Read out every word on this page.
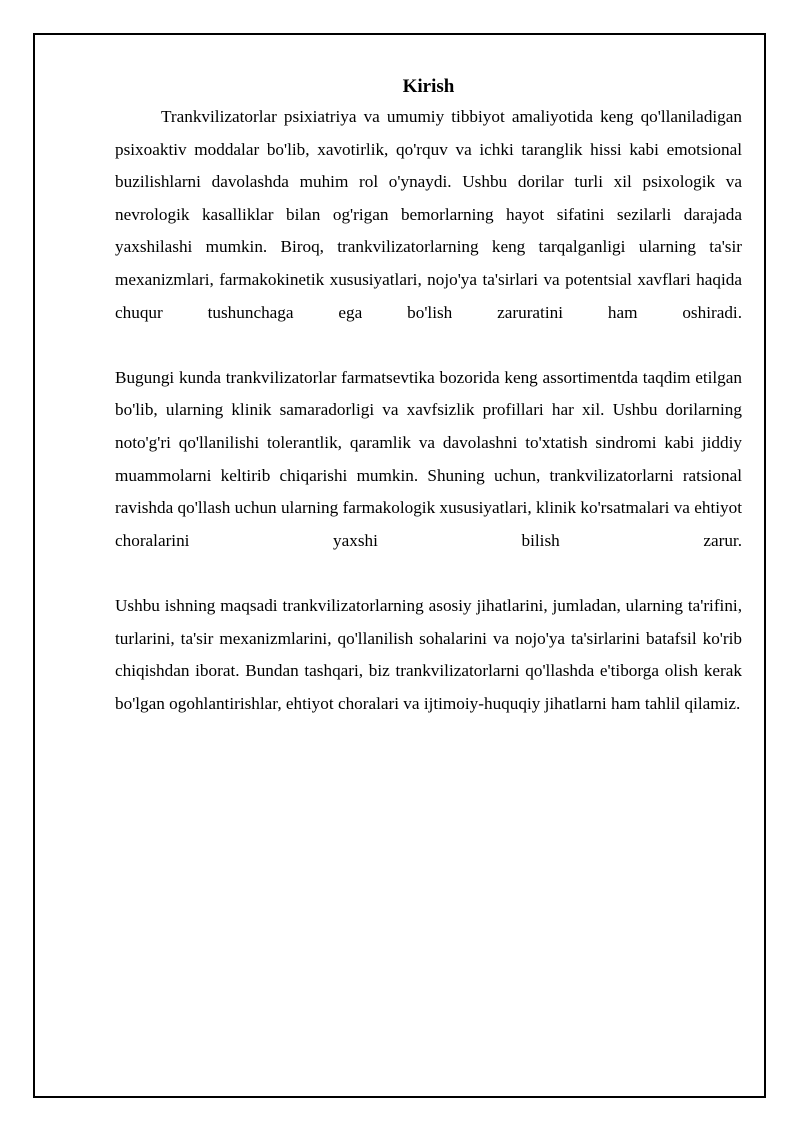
Kirish

Trankvilizatorlar psixiatriya va umumiy tibbiyot amaliyotida keng qo'llaniladigan psixoaktiv moddalar bo'lib, xavotirlik, qo'rquv va ichki taranglik hissi kabi emotsional buzilishlarni davolashda muhim rol o'ynaydi. Ushbu dorilar turli xil psixologik va nevrologik kasalliklar bilan og'rigan bemorlarning hayot sifatini sezilarli darajada yaxshilashi mumkin. Biroq, trankvilizatorlarning keng tarqalganligi ularning ta'sir mexanizmlari, farmakokinetik xususiyatlari, nojo'ya ta'sirlari va potentsial xavflari haqida chuqur tushunchaga ega bo'lish zaruratini ham oshiradi.

Bugungi kunda trankvilizatorlar farmatsevtika bozorida keng assortimentda taqdim etilgan bo'lib, ularning klinik samaradorligi va xavfsizlik profillari har xil. Ushbu dorilarning noto'g'ri qo'llanilishi tolerantlik, qaramlik va davolashni to'xtatish sindromi kabi jiddiy muammolarni keltirib chiqarishi mumkin. Shuning uchun, trankvilizatorlarni ratsional ravishda qo'llash uchun ularning farmakologik xususiyatlari, klinik ko'rsatmalari va ehtiyot choralarini yaxshi bilish zarur.

Ushbu ishning maqsadi trankvilizatorlarning asosiy jihatlarini, jumladan, ularning ta'rifini, turlarini, ta'sir mexanizmlarini, qo'llanilish sohalarini va nojo'ya ta'sirlarini batafsil ko'rib chiqishdan iborat. Bundan tashqari, biz trankvilizatorlarni qo'llashda e'tiborga olish kerak bo'lgan ogohlantirishlar, ehtiyot choralari va ijtimoiy-huquqiy jihatlarni ham tahlil qilamiz.
